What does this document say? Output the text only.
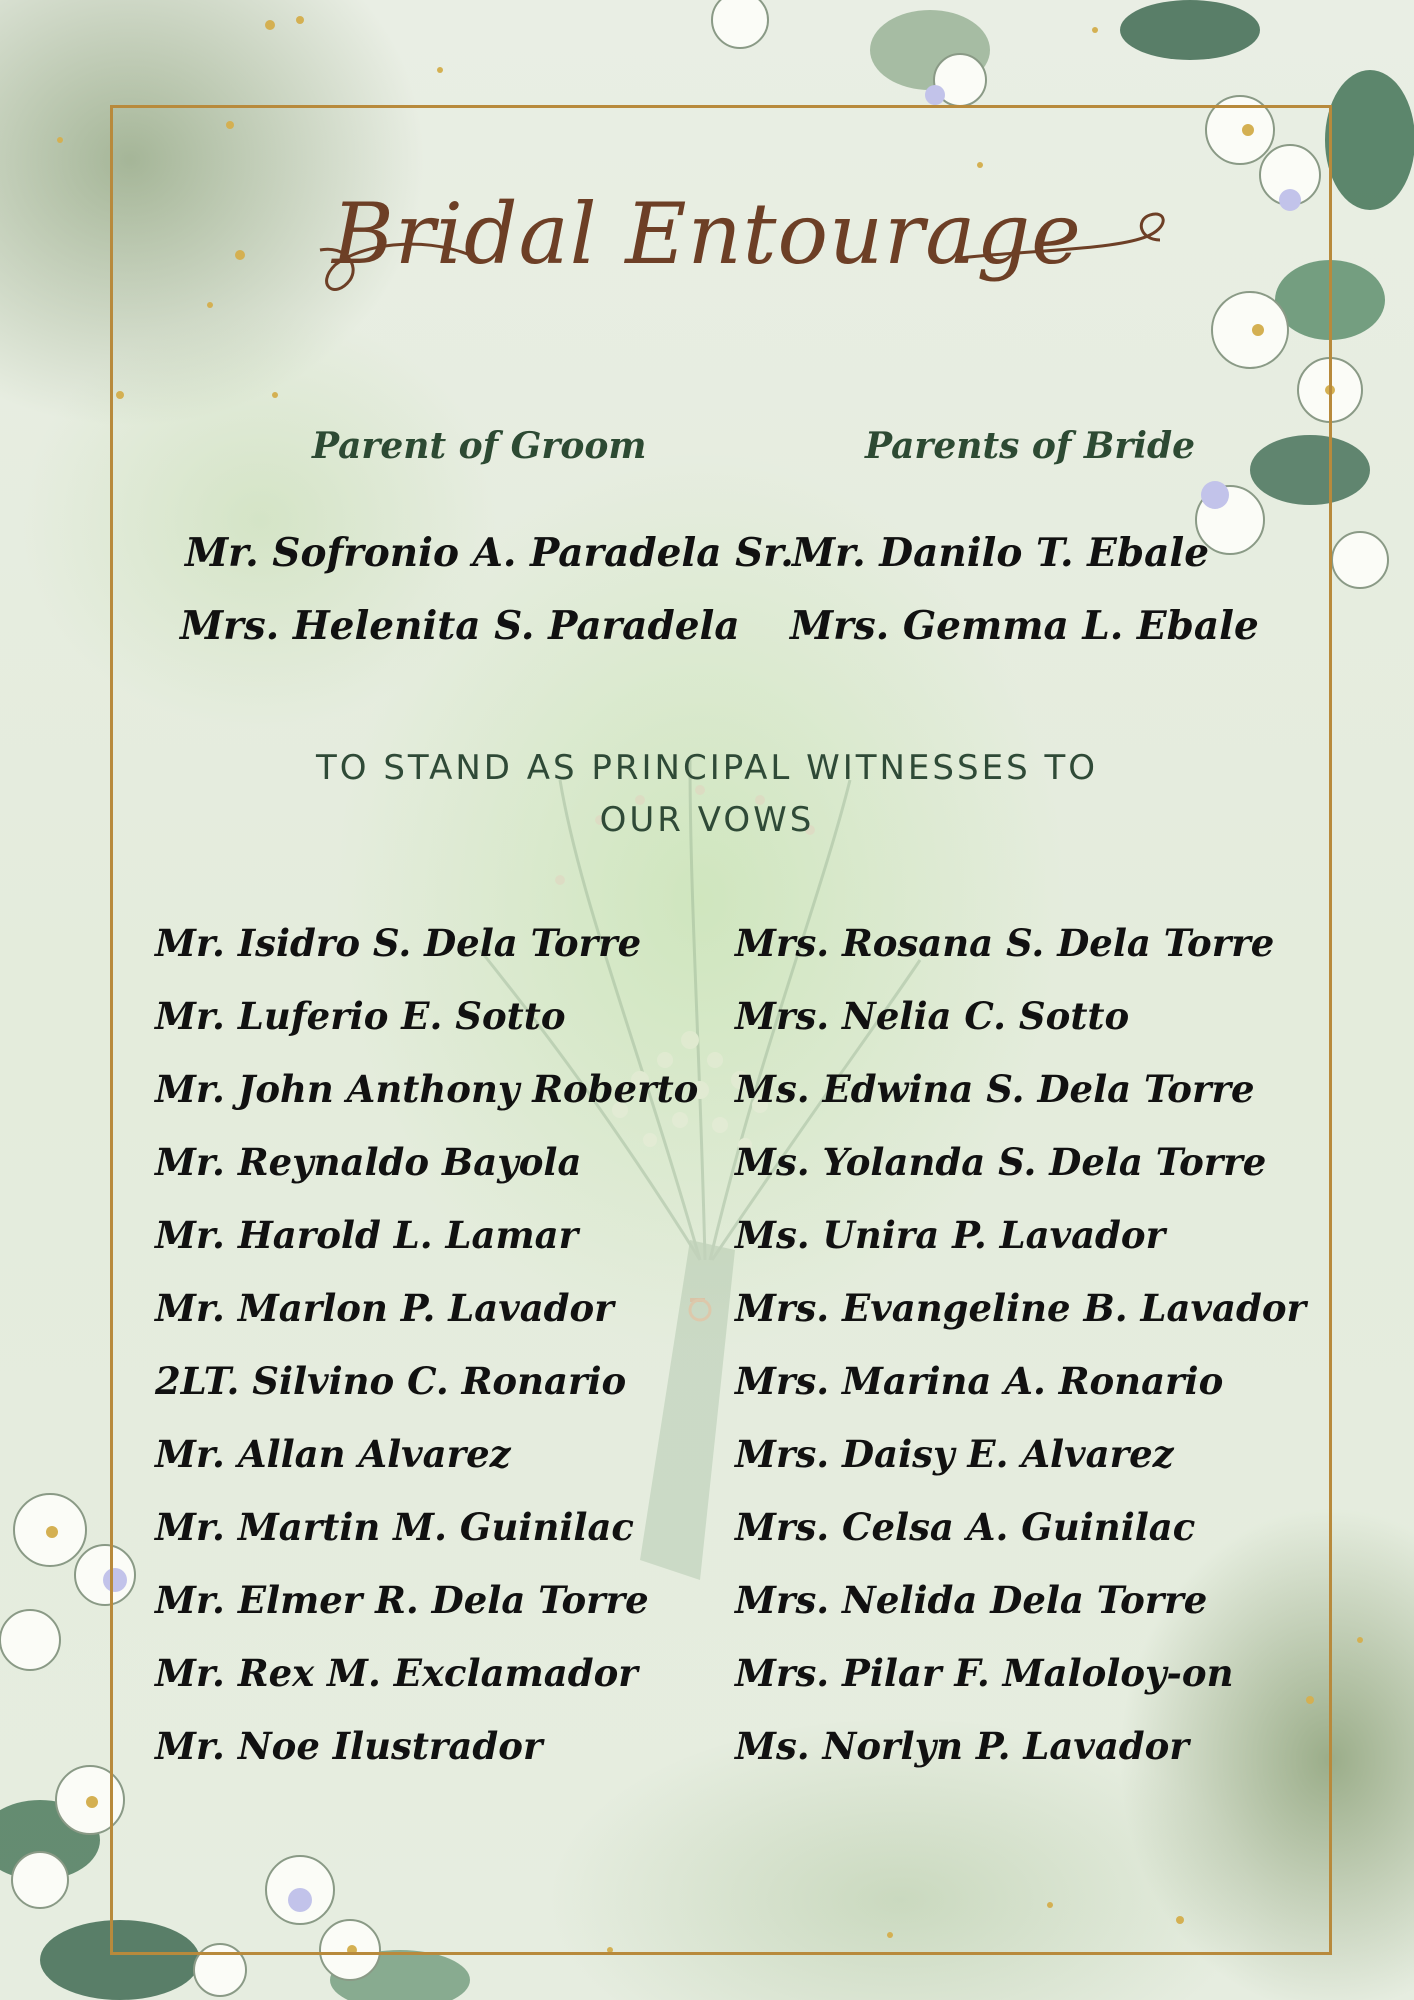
Bridal Entourage
Parent of Groom	Parents of Bride
Mr. Sofronio A. Paradela Sr.
Mrs. Helenita S. Paradela
Mr. Danilo T. Ebale
Mrs. Gemma L. Ebale
TO STAND AS PRINCIPAL WITNESSES TO
OUR VOWS
Mr. Isidro S. Dela Torre
Mr. Luferio E. Sotto
Mr. John Anthony Roberto
Mr. Reynaldo Bayola
Mr. Harold L. Lamar
Mr. Marlon P. Lavador
2LT. Silvino C. Ronario
Mr. Allan Alvarez
Mr. Martin M. Guinilac
Mr. Elmer R. Dela Torre
Mr. Rex M. Exclamador
Mr. Noe Ilustrador
Mrs. Rosana S. Dela Torre
Mrs. Nelia C. Sotto
Ms. Edwina S. Dela Torre
Ms. Yolanda S. Dela Torre
Ms. Unira P. Lavador
Mrs. Evangeline B. Lavador
Mrs. Marina A. Ronario
Mrs. Daisy E. Alvarez
Mrs. Celsa A. Guinilac
Mrs. Nelida Dela Torre
Mrs. Pilar F. Maloloy-on
Ms. Norlyn P. Lavador
